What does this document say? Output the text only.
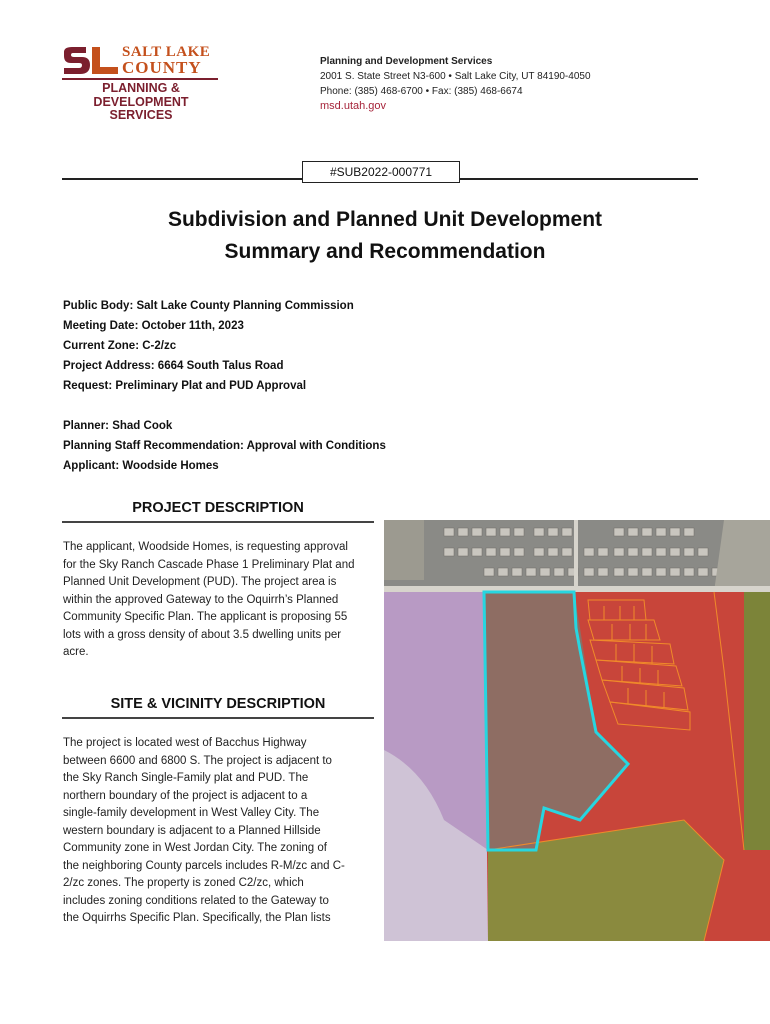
SALT LAKE
COUNTY
PLANNING &
DEVELOPMENT
SERVICES
Planning and Development Services
2001 S. State Street N3-600 • Salt Lake City, UT 84190-4050
Phone: (385) 468-6700 • Fax: (385) 468-6674
msd.utah.gov
#SUB2022-000771
Subdivision and Planned Unit Development
Summary and Recommendation
Public Body: Salt Lake County Planning Commission
Meeting Date: October 11th, 2023
Current Zone: C-2/zc
Project Address: 6664 South Talus Road
Request: Preliminary Plat and PUD Approval
Planner: Shad Cook
Planning Staff Recommendation: Approval with Conditions
Applicant: Woodside Homes
PROJECT DESCRIPTION
The applicant, Woodside Homes, is requesting approval
for the Sky Ranch Cascade Phase 1 Preliminary Plat and
Planned Unit Development (PUD). The project area is
within the approved Gateway to the Oquirrh’s Planned
Community Specific Plan. The applicant is proposing 55
lots with a gross density of about 3.5 dwelling units per
acre.
SITE & VICINITY DESCRIPTION
The project is located west of Bacchus Highway
between 6600 and 6800 S. The project is adjacent to
the Sky Ranch Single-Family plat and PUD. The
northern boundary of the project is adjacent to a
single-family development in West Valley City. The
western boundary is adjacent to a Planned Hillside
Community zone in West Jordan City. The zoning of
the neighboring County parcels includes R-M/zc and C-
2/zc zones. The property is zoned C2/zc, which
includes zoning conditions related to the Gateway to
the Oquirrhs Specific Plan. Specifically, the Plan lists
